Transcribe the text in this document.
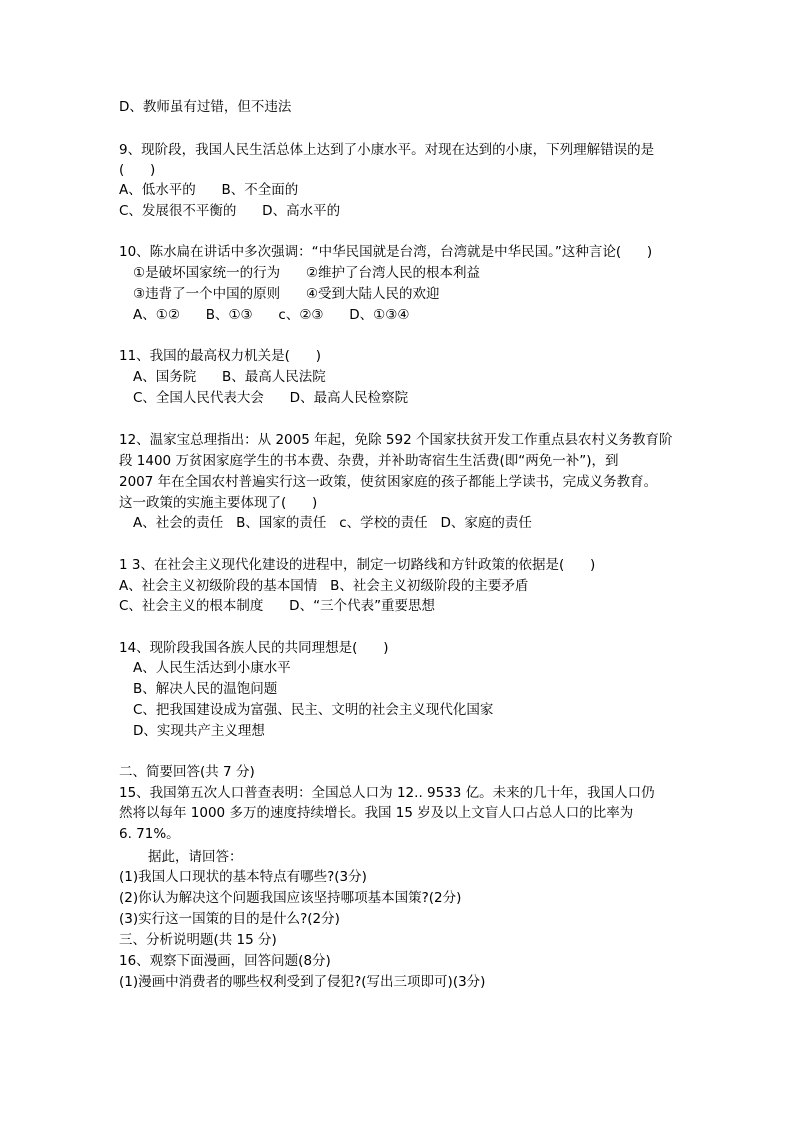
D、教师虽有过错，但不违法
9、现阶段，我国人民生活总体上达到了小康水平。对现在达到的小康，下列理解错误的是
(      )
A、低水平的      B、不全面的
C、发展很不平衡的      D、高水平的
10、陈水扁在讲话中多次强调：“中华民国就是台湾，台湾就是中华民国。”这种言论(      )
①是破坏国家统一的行为      ②维护了台湾人民的根本利益
③违背了一个中国的原则      ④受到大陆人民的欢迎
A、①②      B、①③      c、②③      D、①③④
11、我国的最高权力机关是(      )
A、国务院      B、最高人民法院
C、全国人民代表大会      D、最高人民检察院
12、温家宝总理指出：从 2005 年起，免除 592 个国家扶贫开发工作重点县农村义务教育阶
段 1400 万贫困家庭学生的书本费、杂费，并补助寄宿生生活费(即“两免一补”)，到
2007 年在全国农村普遍实行这一政策，使贫困家庭的孩子都能上学读书，完成义务教育。
这一政策的实施主要体现了(      )
A、社会的责任   B、国家的责任   c、学校的责任   D、家庭的责任
1 3、在社会主义现代化建设的进程中，制定一切路线和方针政策的依据是(      )
A、社会主义初级阶段的基本国情   B、社会主义初级阶段的主要矛盾
C、社会主义的根本制度      D、“三个代表”重要思想
14、现阶段我国各族人民的共同理想是(      )
A、人民生活达到小康水平
B、解决人民的温饱问题
C、把我国建设成为富强、民主、文明的社会主义现代化国家
D、实现共产主义理想
二、简要回答(共 7 分)
15、我国第五次人口普查表明：全国总人口为 12.. 9533 亿。未来的几十年，我国人口仍
然将以每年 1000 多万的速度持续增长。我国 15 岁及以上文盲人口占总人口的比率为
6. 71%。
据此，请回答：
(1)我国人口现状的基本特点有哪些?(3分)
(2)你认为解决这个问题我国应该坚持哪项基本国策?(2分)
(3)实行这一国策的目的是什么?(2分)
三、分析说明题(共 15 分)
16、观察下面漫画，回答问题(8分)
(1)漫画中消费者的哪些权利受到了侵犯?(写出三项即可)(3分)
